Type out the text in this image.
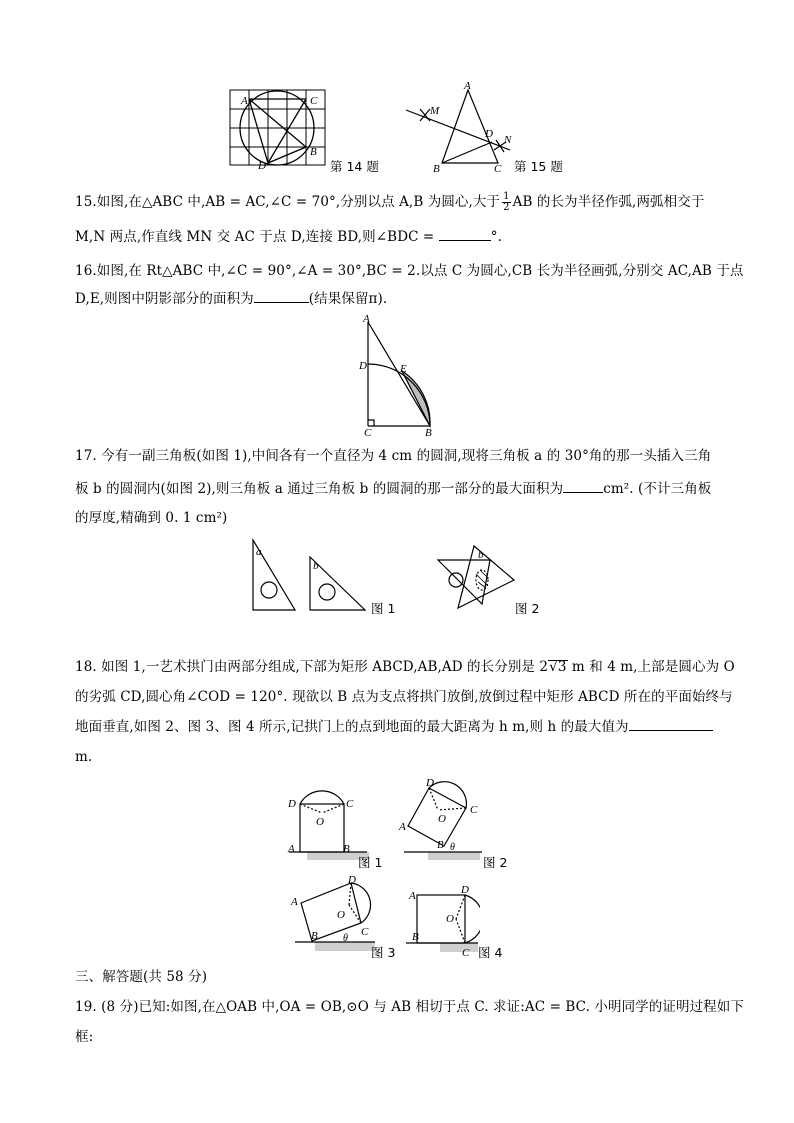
A	C
B
D	第 14 题
A
M
D N
B	C 第 15 题
15.如图,在△ABC 中,AB = AC,∠C = 70°,分别以点 A,B 为圆心,大于 $\frac{1}{2}$ AB 的长为半径作弧,两弧相交于
M,N 两点,作直线 MN 交 AC 于点 D,连接 BD,则∠BDC =	°.
16.如图,在 Rt△ABC 中,∠C = 90°,∠A = 30°,BC = 2.以点 C 为圆心,CB 长为半径画弧,分别交 AC,AB 于点
D,E,则图中阴影部分的面积为	(结果保留π).
A
D	E
C	B
17. 今有一副三角板(如图 1),中间各有一个直径为 4 cm 的圆洞,现将三角板 a 的 30°角的那一头插入三角
板 b 的圆洞内(如图 2),则三角板 a 通过三角板 b 的圆洞的那一部分的最大面积为	cm². (不计三角板
的厚度,精确到 0. 1 cm²)
a
b
图 1
b
图 2
18. 如图 1,一艺术拱门由两部分组成,下部为矩形 ABCD,AB,AD 的长分别是 2√3 m 和 4 m,上部是圆心为 O
的劣弧 CD,圆心角∠COD = 120°. 现欲以 B 点为支点将拱门放倒,放倒过程中矩形 ABCD 所在的平面始终与
地面垂直,如图 2、图 3、图 4 所示,记拱门上的点到地面的最大距离为 h m,则 h 的最大值为
m.
D	C
O
A	B
图 1
D
C
O
A
B θ
图 2
A
D
O
C
B	θ
图 3
A	D
O
B
C 图 4
三、解答题(共 58 分)
19. (8 分)已知:如图,在△OAB 中,OA = OB,⊙O 与 AB 相切于点 C. 求证:AC = BC. 小明同学的证明过程如下
框:
